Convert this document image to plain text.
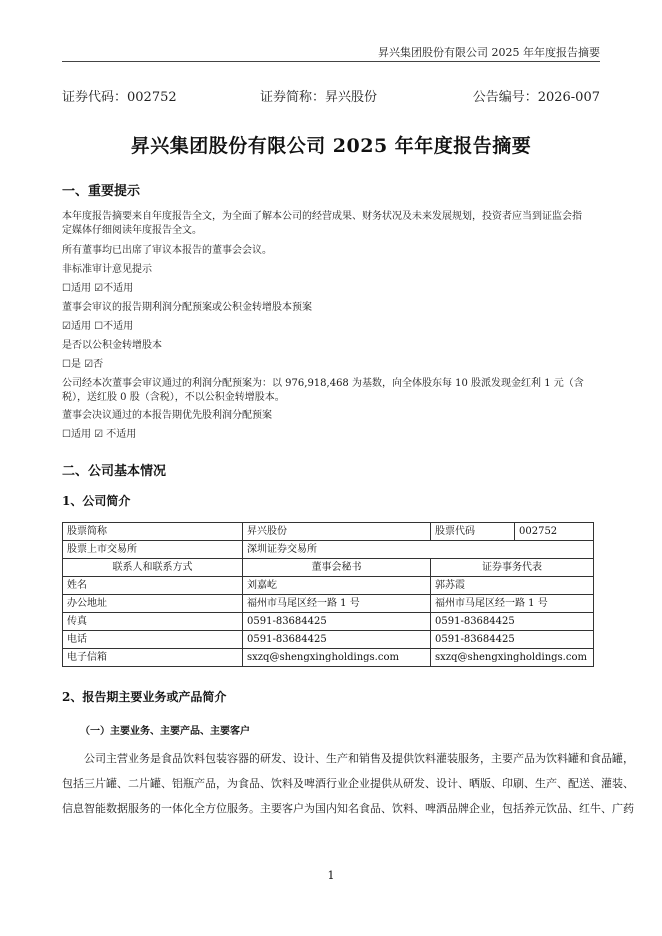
昇兴集团股份有限公司 2025 年年度报告摘要
证券代码：002752	证券简称：昇兴股份	公告编号：2026-007
昇兴集团股份有限公司 2025 年年度报告摘要
一、重要提示
本年度报告摘要来自年度报告全文，为全面了解本公司的经营成果、财务状况及未来发展规划，投资者应当到证监会指
定媒体仔细阅读年度报告全文。
所有董事均已出席了审议本报告的董事会会议。
非标准审计意见提示
☐适用 ☑不适用
董事会审议的报告期利润分配预案或公积金转增股本预案
☑适用 ☐不适用
是否以公积金转增股本
☐是 ☑否
公司经本次董事会审议通过的利润分配预案为：以 976,918,468 为基数，向全体股东每 10 股派发现金红利 1 元（含
税），送红股 0 股（含税），不以公积金转增股本。
董事会决议通过的本报告期优先股利润分配预案
☐适用 ☑ 不适用
二、公司基本情况
1、公司简介
股票简称	昇兴股份	股票代码	002752
股票上市交易所	深圳证券交易所		
联系人和联系方式	董事会秘书	证券事务代表	
姓名	刘嘉屹	郭苏霞	
办公地址	福州市马尾区经一路 1 号	福州市马尾区经一路 1 号	
传真	0591-83684425	0591-83684425	
电话	0591-83684425	0591-83684425	
电子信箱	sxzq@shengxingholdings.com	sxzq@shengxingholdings.com	
2、报告期主要业务或产品简介
（一）主要业务、主要产品、主要客户
公司主营业务是食品饮料包装容器的研发、设计、生产和销售及提供饮料灌装服务，主要产品为饮料罐和食品罐，
包括三片罐、二片罐、铝瓶产品，为食品、饮料及啤酒行业企业提供从研发、设计、晒版、印刷、生产、配送、灌装、
信息智能数据服务的一体化全方位服务。主要客户为国内知名食品、饮料、啤酒品牌企业，包括养元饮品、红牛、广药
1
